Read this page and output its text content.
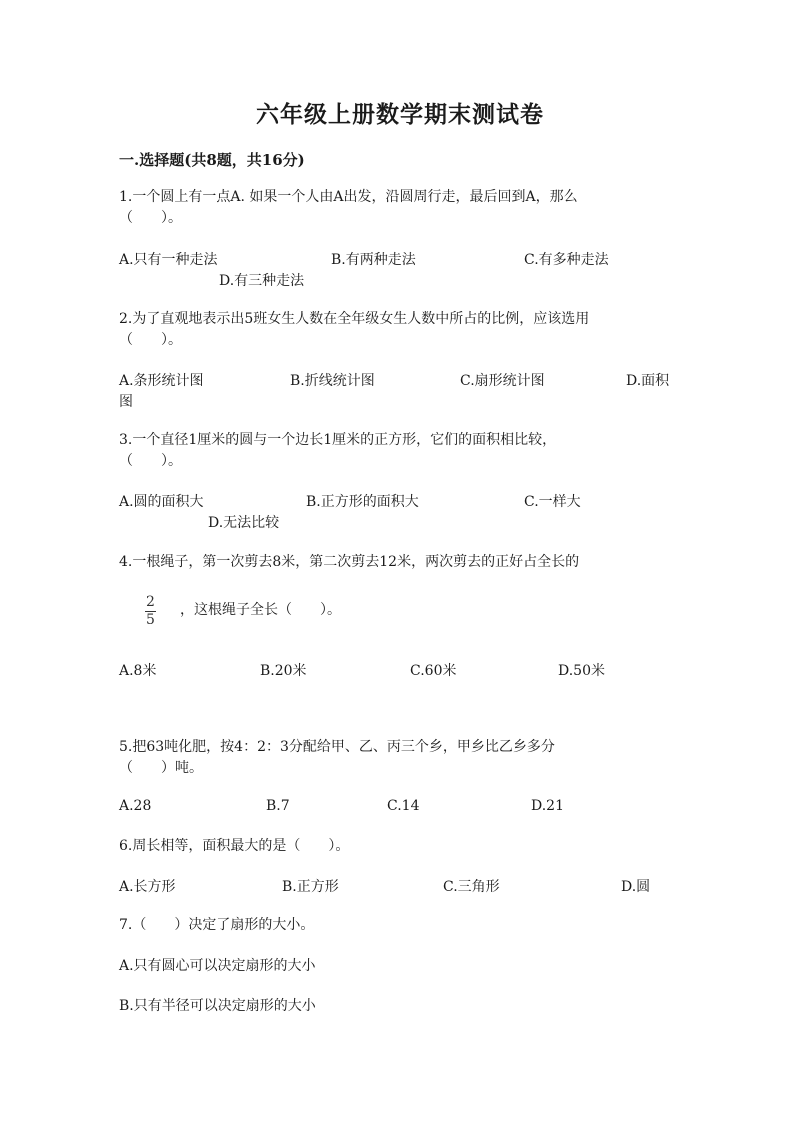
六年级上册数学期末测试卷
一.选择题(共8题，共16分)
1.一个圆上有一点A. 如果一个人由A出发，沿圆周行走，最后回到A，那么
（　　）。
A.只有一种走法	B.有两种走法	C.有多种走法
D.有三种走法
2.为了直观地表示出5班女生人数在全年级女生人数中所占的比例，应该选用
（　　）。
A.条形统计图	B.折线统计图	C.扇形统计图	D.面积
图
3.一个直径1厘米的圆与一个边长1厘米的正方形，它们的面积相比较，
（　　）。
A.圆的面积大	B.正方形的面积大	C.一样大
D.无法比较
4.一根绳子，第一次剪去8米，第二次剪去12米，两次剪去的正好占全长的
2
5
，这根绳子全长（　　）。
A.8米	B.20米	C.60米	D.50米
5.把63吨化肥，按4：2：3分配给甲、乙、丙三个乡，甲乡比乙乡多分
（　　）吨。
A.28	B.7	C.14	D.21
6.周长相等，面积最大的是（　　）。
A.长方形	B.正方形	C.三角形	D.圆
7.（　　）决定了扇形的大小。
A.只有圆心可以决定扇形的大小
B.只有半径可以决定扇形的大小
